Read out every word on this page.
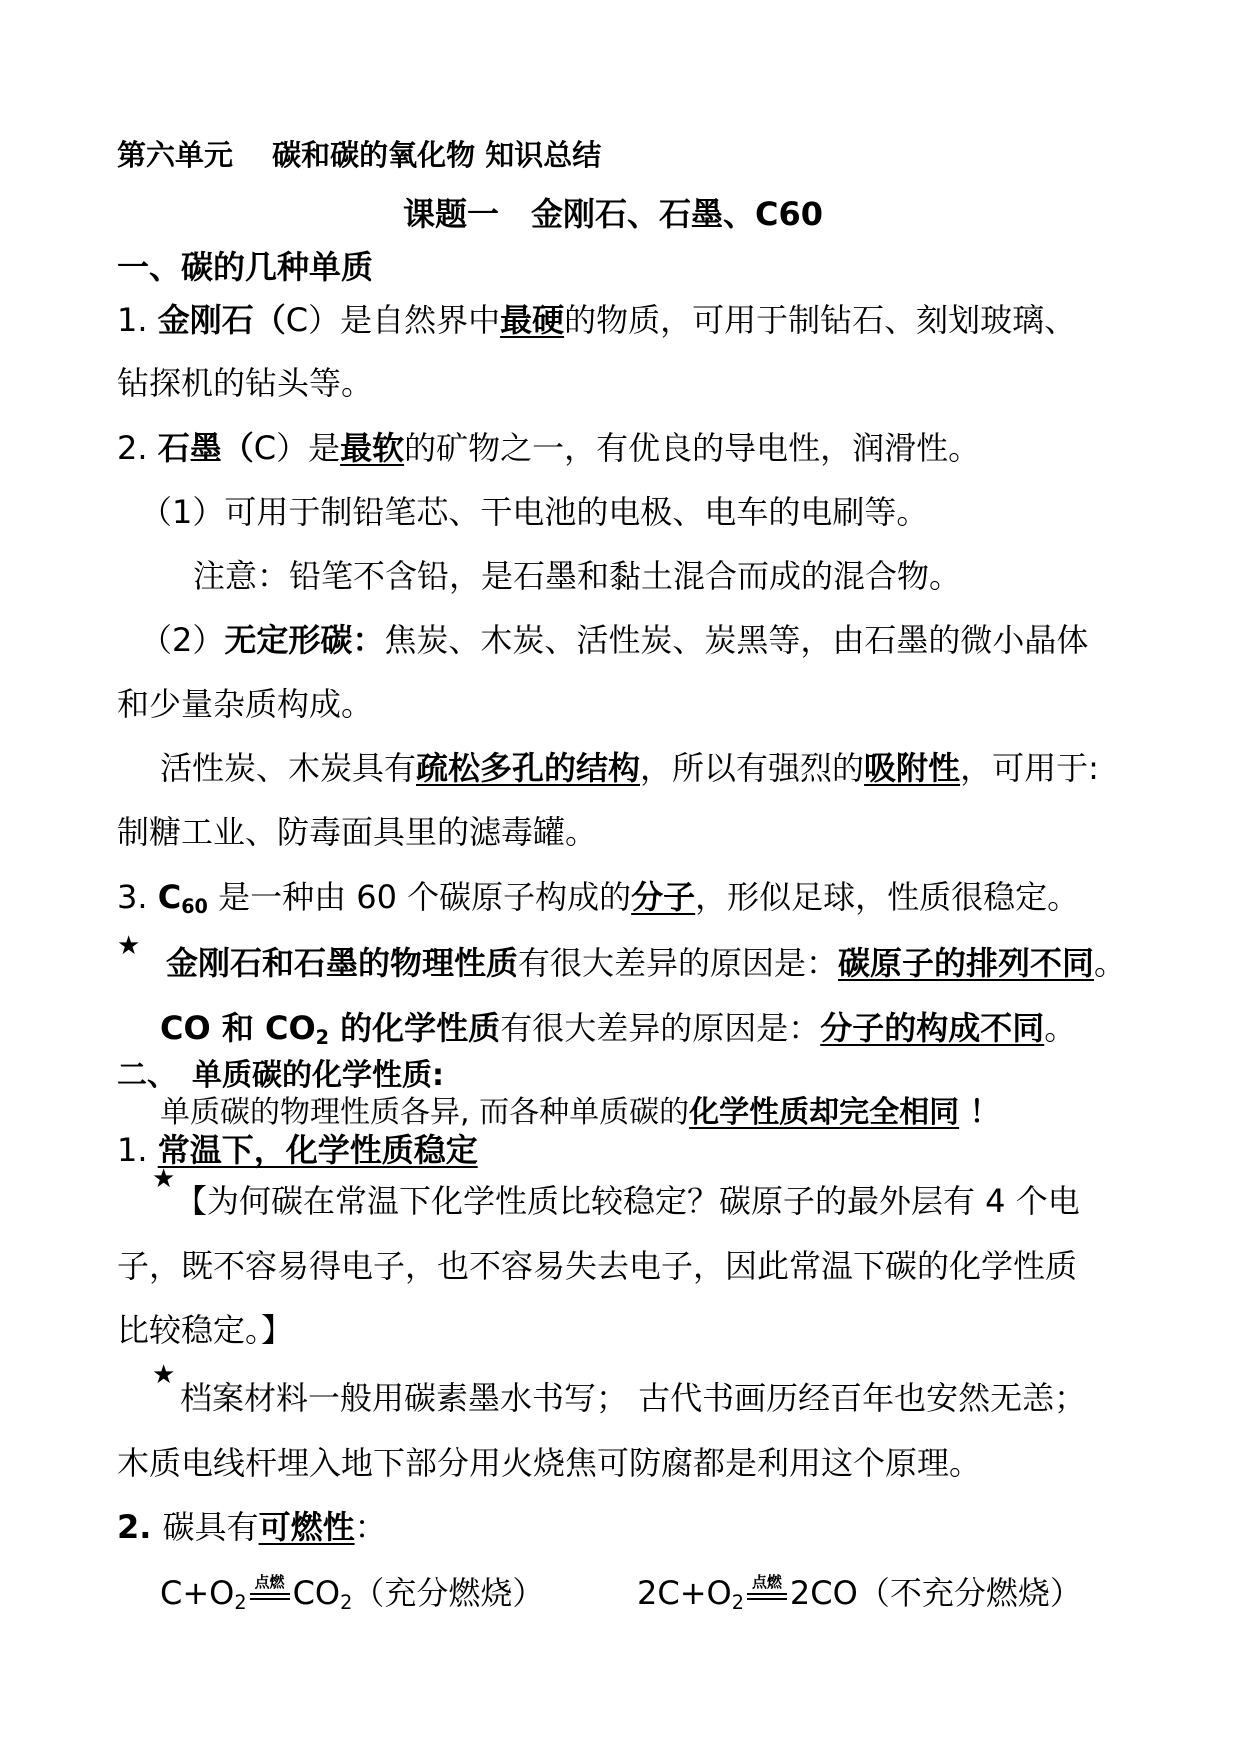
第六单元　 碳和碳的氧化物 知识总结
课题一　金刚石、石墨、C60
一、碳的几种单质
1. 金刚石（C）是自然界中最硬的物质，可用于制钻石、刻划玻璃、
钻探机的钻头等。
2. 石墨（C）是最软的矿物之一，有优良的导电性，润滑性。
（1）可用于制铅笔芯、干电池的电极、电车的电刷等。
注意：铅笔不含铅，是石墨和黏土混合而成的混合物。
（2）无定形碳：焦炭、木炭、活性炭、炭黑等，由石墨的微小晶体
和少量杂质构成。
活性炭、木炭具有疏松多孔的结构，所以有强烈的吸附性，可用于:
制糖工业、防毒面具里的滤毒罐。
3. $C_{60}$ 是一种由 60 个碳原子构成的分子，形似足球，性质很稳定。
★ 金刚石和石墨的物理性质有很大差异的原因是：碳原子的排列不同。
CO 和 $CO_2$ 的化学性质有很大差异的原因是：分子的构成不同。
二、　单质碳的化学性质:
单质碳的物理性质各异, 而各种单质碳的化学性质却完全相同 ！
1. 常温下，化学性质稳定
★
【为何碳在常温下化学性质比较稳定？碳原子的最外层有 4 个电
子，既不容易得电子，也不容易失去电子，因此常温下碳的化学性质
比较稳定。】
★
档案材料一般用碳素墨水书写； 古代书画历经百年也安然无恙；
木质电线杆埋入地下部分用火烧焦可防腐都是利用这个原理。
2. 碳具有可燃性：
$C+O_2$
点燃 $CO_2$（充分燃烧）	$2C+O_2$
点燃 2CO（不充分燃烧）
